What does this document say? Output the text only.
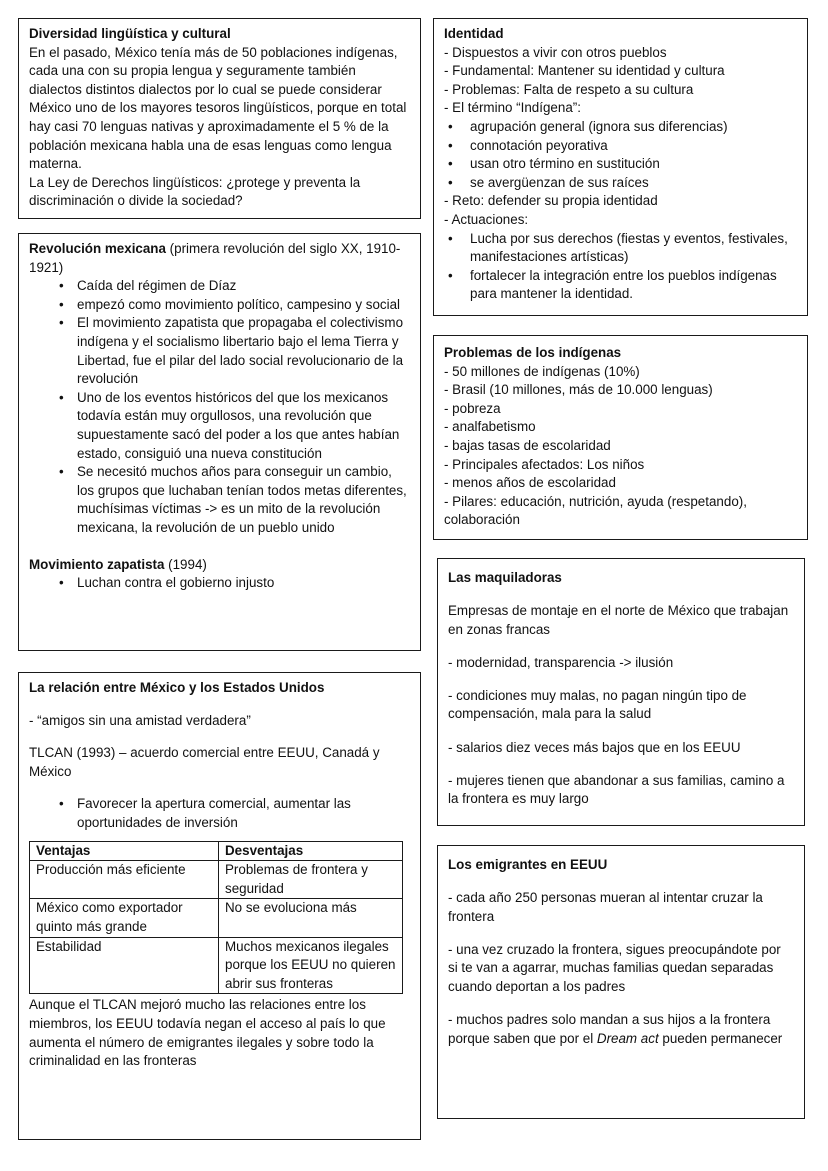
Diversidad lingüística y cultural

En el pasado, México tenía más de 50 poblaciones indígenas, cada una con su propia lengua y seguramente también dialectos distintos dialectos por lo cual se puede considerar México uno de los mayores tesoros lingüísticos, porque en total hay casi 70 lenguas nativas y aproximadamente el 5 % de la población mexicana habla una de esas lenguas como lengua materna.

La Ley de Derechos lingüísticos: ¿protege y preventa la discriminación o divide la sociedad?

Revolución mexicana (primera revolución del siglo XX, 1910-1921)

• Caída del régimen de Díaz
• empezó como movimiento político, campesino y social
• El movimiento zapatista que propagaba el colectivismo indígena y el socialismo libertario bajo el lema Tierra y Libertad, fue el pilar del lado social revolucionario de la revolución
• Uno de los eventos históricos del que los mexicanos todavía están muy orgullosos, una revolución que supuestamente sacó del poder a los que antes habían estado, consiguió una nueva constitución
• Se necesitó muchos años para conseguir un cambio, los grupos que luchaban tenían todos metas diferentes, muchísimas víctimas -> es un mito de la revolución mexicana, la revolución de un pueblo unido

Movimiento zapatista (1994)

• Luchan contra el gobierno injusto

La relación entre México y los Estados Unidos

- “amigos sin una amistad verdadera”

TLCAN (1993) – acuerdo comercial entre EEUU, Canadá y México

• Favorecer la apertura comercial, aumentar las oportunidades de inversión
Ventajas	Desventajas
Producción más eficiente	Problemas de frontera y seguridad
México como exportador quinto más grande	No se evoluciona más
Estabilidad	Muchos mexicanos ilegales porque los EEUU no quieren abrir sus fronteras

Aunque el TLCAN mejoró mucho las relaciones entre los miembros, los EEUU todavía negan el acceso al país lo que aumenta el número de emigrantes ilegales y sobre todo la criminalidad en las fronteras

Identidad

- Dispuestos a vivir con otros pueblos

- Fundamental: Mantener su identidad y cultura

- Problemas: Falta de respeto a su cultura

- El término “Indígena”:

• agrupación general (ignora sus diferencias)
• connotación peyorativa
• usan otro término en sustitución
• se avergüenzan de sus raíces

- Reto: defender su propia identidad

- Actuaciones:

• Lucha por sus derechos (fiestas y eventos, festivales, manifestaciones artísticas)
• fortalecer la integración entre los pueblos indígenas para mantener la identidad.

Problemas de los indígenas

- 50 millones de indígenas (10%)

- Brasil (10 millones, más de 10.000 lenguas)

- pobreza

- analfabetismo

- bajas tasas de escolaridad

- Principales afectados: Los niños

- menos años de escolaridad

- Pilares: educación, nutrición, ayuda (respetando), colaboración

Las maquiladoras

Empresas de montaje en el norte de México que trabajan en zonas francas

- modernidad, transparencia -> ilusión

- condiciones muy malas, no pagan ningún tipo de compensación, mala para la salud

- salarios diez veces más bajos que en los EEUU

- mujeres tienen que abandonar a sus familias, camino a la frontera es muy largo

Los emigrantes en EEUU

- cada año 250 personas mueran al intentar cruzar la frontera

- una vez cruzado la frontera, sigues preocupándote por si te van a agarrar, muchas familias quedan separadas cuando deportan a los padres

- muchos padres solo mandan a sus hijos a la frontera porque saben que por el Dream act pueden permanecer
